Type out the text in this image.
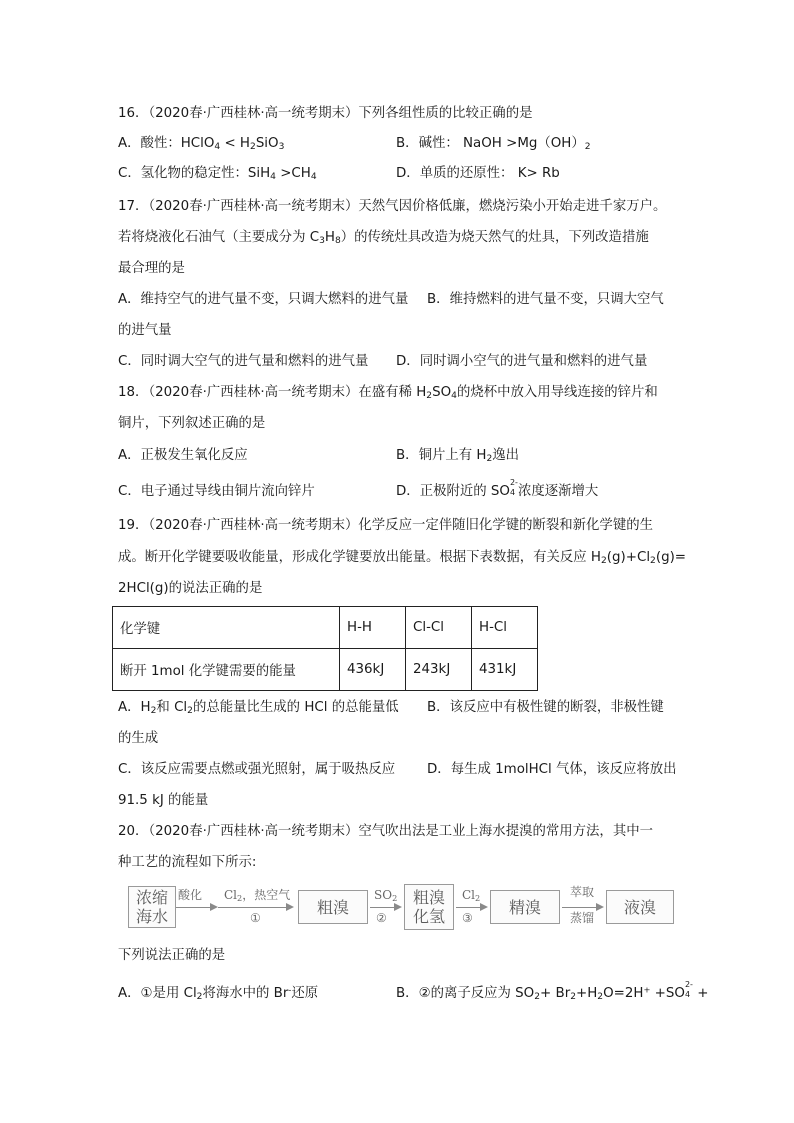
16．（2020春·广西桂林·高一统考期末）下列各组性质的比较正确的是
A．酸性：HClO$_4$ < $H_2SiO_3$	B．碱性： NaOH $>Mg(OH)_2$
C．氢化物的稳定性：$SiH_4 >CH_4$	D．单质的还原性： K> Rb
17．（2020春·广西桂林·高一统考期末）天然气因价格低廉，燃烧污染小开始走进千家万户。
若将烧液化石油气（主要成分为 $C_3H_8$）的传统灶具改造为烧天然气的灶具，下列改造措施
最合理的是
A．维持空气的进气量不变，只调大燃料的进气量 B．维持燃料的进气量不变，只调大空气
的进气量
C．同时调大空气的进气量和燃料的进气量 D．同时调小空气的进气量和燃料的进气量
18．（2020春·广西桂林·高一统考期末）在盛有稀 $H_2SO_4$的烧杯中放入用导线连接的锌片和
铜片，下列叙述正确的是
A．正极发生氧化反应	B．铜片上有 $H_2$逸出
C．电子通过导线由铜片流向锌片	D．正极附近的 SO
2-
4 浓度逐渐增大
19．（2020春·广西桂林·高一统考期末）化学反应一定伴随旧化学键的断裂和新化学键的生
成。断开化学键要吸收能量，形成化学键要放出能量。根据下表数据，有关反应 $H_2(g)+Cl_2(g)=$
2HCl(g)的说法正确的是
化学键	H-H	Cl-Cl	H-Cl
断开 1mol 化学键需要的能量	436kJ	243kJ	431kJ
A．$H_2$和 $Cl_2$的总能量比生成的 HCl 的总能量低 B．该反应中有极性键的断裂，非极性键
的生成
C．该反应需要点燃或强光照射，属于吸热反应 D．每生成 1molHCl 气体，该反应将放出
91.5 kJ 的能量
20．（2020春·广西桂林·高一统考期末）空气吹出法是工业上海水提溴的常用方法，其中一
种工艺的流程如下所示:
浓缩
海水
酸化 $Cl_2$，热空气
①
粗溴
$SO_2$
②
粗溴
化氢
$Cl_2$
③
精溴
萃取
蒸馏
液溴
下列说法正确的是
A．①是用 $Cl_2$将海水中的 Br-还原	B．②的离子反应为 $SO_2+ Br_2+H_2O=2H^+ +SO$
2-
4 +
